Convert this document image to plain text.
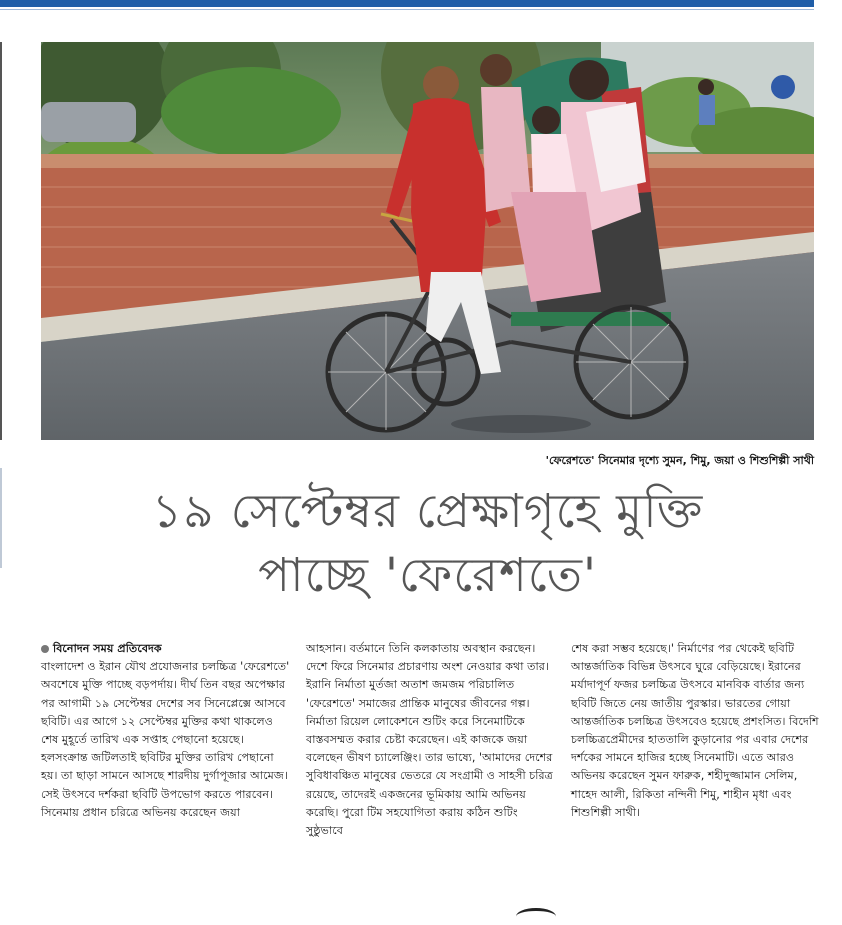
'ফেরেশতে' সিনেমার দৃশ্যে সুমন, শিমু, জয়া ও শিশুশিল্পী সাথী
১৯ সেপ্টেম্বর প্রেক্ষাগৃহে মুক্তি
পাচ্ছে 'ফেরেশতে'

বিনোদন সময় প্রতিবেদক

বাংলাদেশ ও ইরান যৌথ প্রযোজনার চলচ্চিত্র 'ফেরেশতে' অবশেষে মুক্তি পাচ্ছে বড়পর্দায়। দীর্ঘ তিন বছর অপেক্ষার পর আগামী ১৯ সেপ্টেম্বর দেশের সব সিনেপ্লেক্সে আসবে ছবিটি। এর আগে ১২ সেপ্টেম্বর মুক্তির কথা থাকলেও শেষ মুহূর্তে তারিখ এক সপ্তাহ পেছানো হয়েছে। হলসংক্রান্ত জটিলতাই ছবিটির মুক্তির তারিখ পেছানো হয়। তা ছাড়া সামনে আসছে শারদীয় দুর্গাপূজার আমেজ। সেই উৎসবে দর্শকরা ছবিটি উপভোগ করতে পারবেন। সিনেমায় প্রধান চরিত্রে অভিনয় করেছেন জয়া

আহসান। বর্তমানে তিনি কলকাতায় অবস্থান করছেন। দেশে ফিরে সিনেমার প্রচারণায় অংশ নেওয়ার কথা তার। ইরানি নির্মাতা মুর্তজা অতাশ জমজম পরিচালিত 'ফেরেশতে' সমাজের প্রান্তিক মানুষের জীবনের গল্প। নির্মাতা রিয়েল লোকেশনে শুটিং করে সিনেমাটিকে বাস্তবসম্মত করার চেষ্টা করেছেন। এই কাজকে জয়া বলেছেন ভীষণ চ্যালেঞ্জিং। তার ভাষ্যে, 'আমাদের দেশের সুবিধাবঞ্চিত মানুষের ভেতরে যে সংগ্রামী ও সাহসী চরিত্র রয়েছে, তাদেরই একজনের ভূমিকায় আমি অভিনয় করেছি। পুরো টিম সহযোগিতা করায় কঠিন শুটিং সুষ্ঠুভাবে

শেষ করা সম্ভব হয়েছে।' নির্মাণের পর থেকেই ছবিটি আন্তর্জাতিক বিভিন্ন উৎসবে ঘুরে বেড়িয়েছে। ইরানের মর্যাদাপূর্ণ ফজর চলচ্চিত্র উৎসবে মানবিক বার্তার জন্য ছবিটি জিতে নেয় জাতীয় পুরস্কার। ভারতের গোয়া আন্তর্জাতিক চলচ্চিত্র উৎসবেও হয়েছে প্রশংসিত। বিদেশি চলচ্চিত্রপ্রেমীদের হাততালি কুড়ানোর পর এবার দেশের দর্শকের সামনে হাজির হচ্ছে সিনেমাটি। এতে আরও অভিনয় করেছেন সুমন ফারুক, শহীদুজ্জামান সেলিম, শাহেদ আলী, রিকিতা নন্দিনী শিমু, শাহীন মৃধা এবং শিশুশিল্পী সাথী।
